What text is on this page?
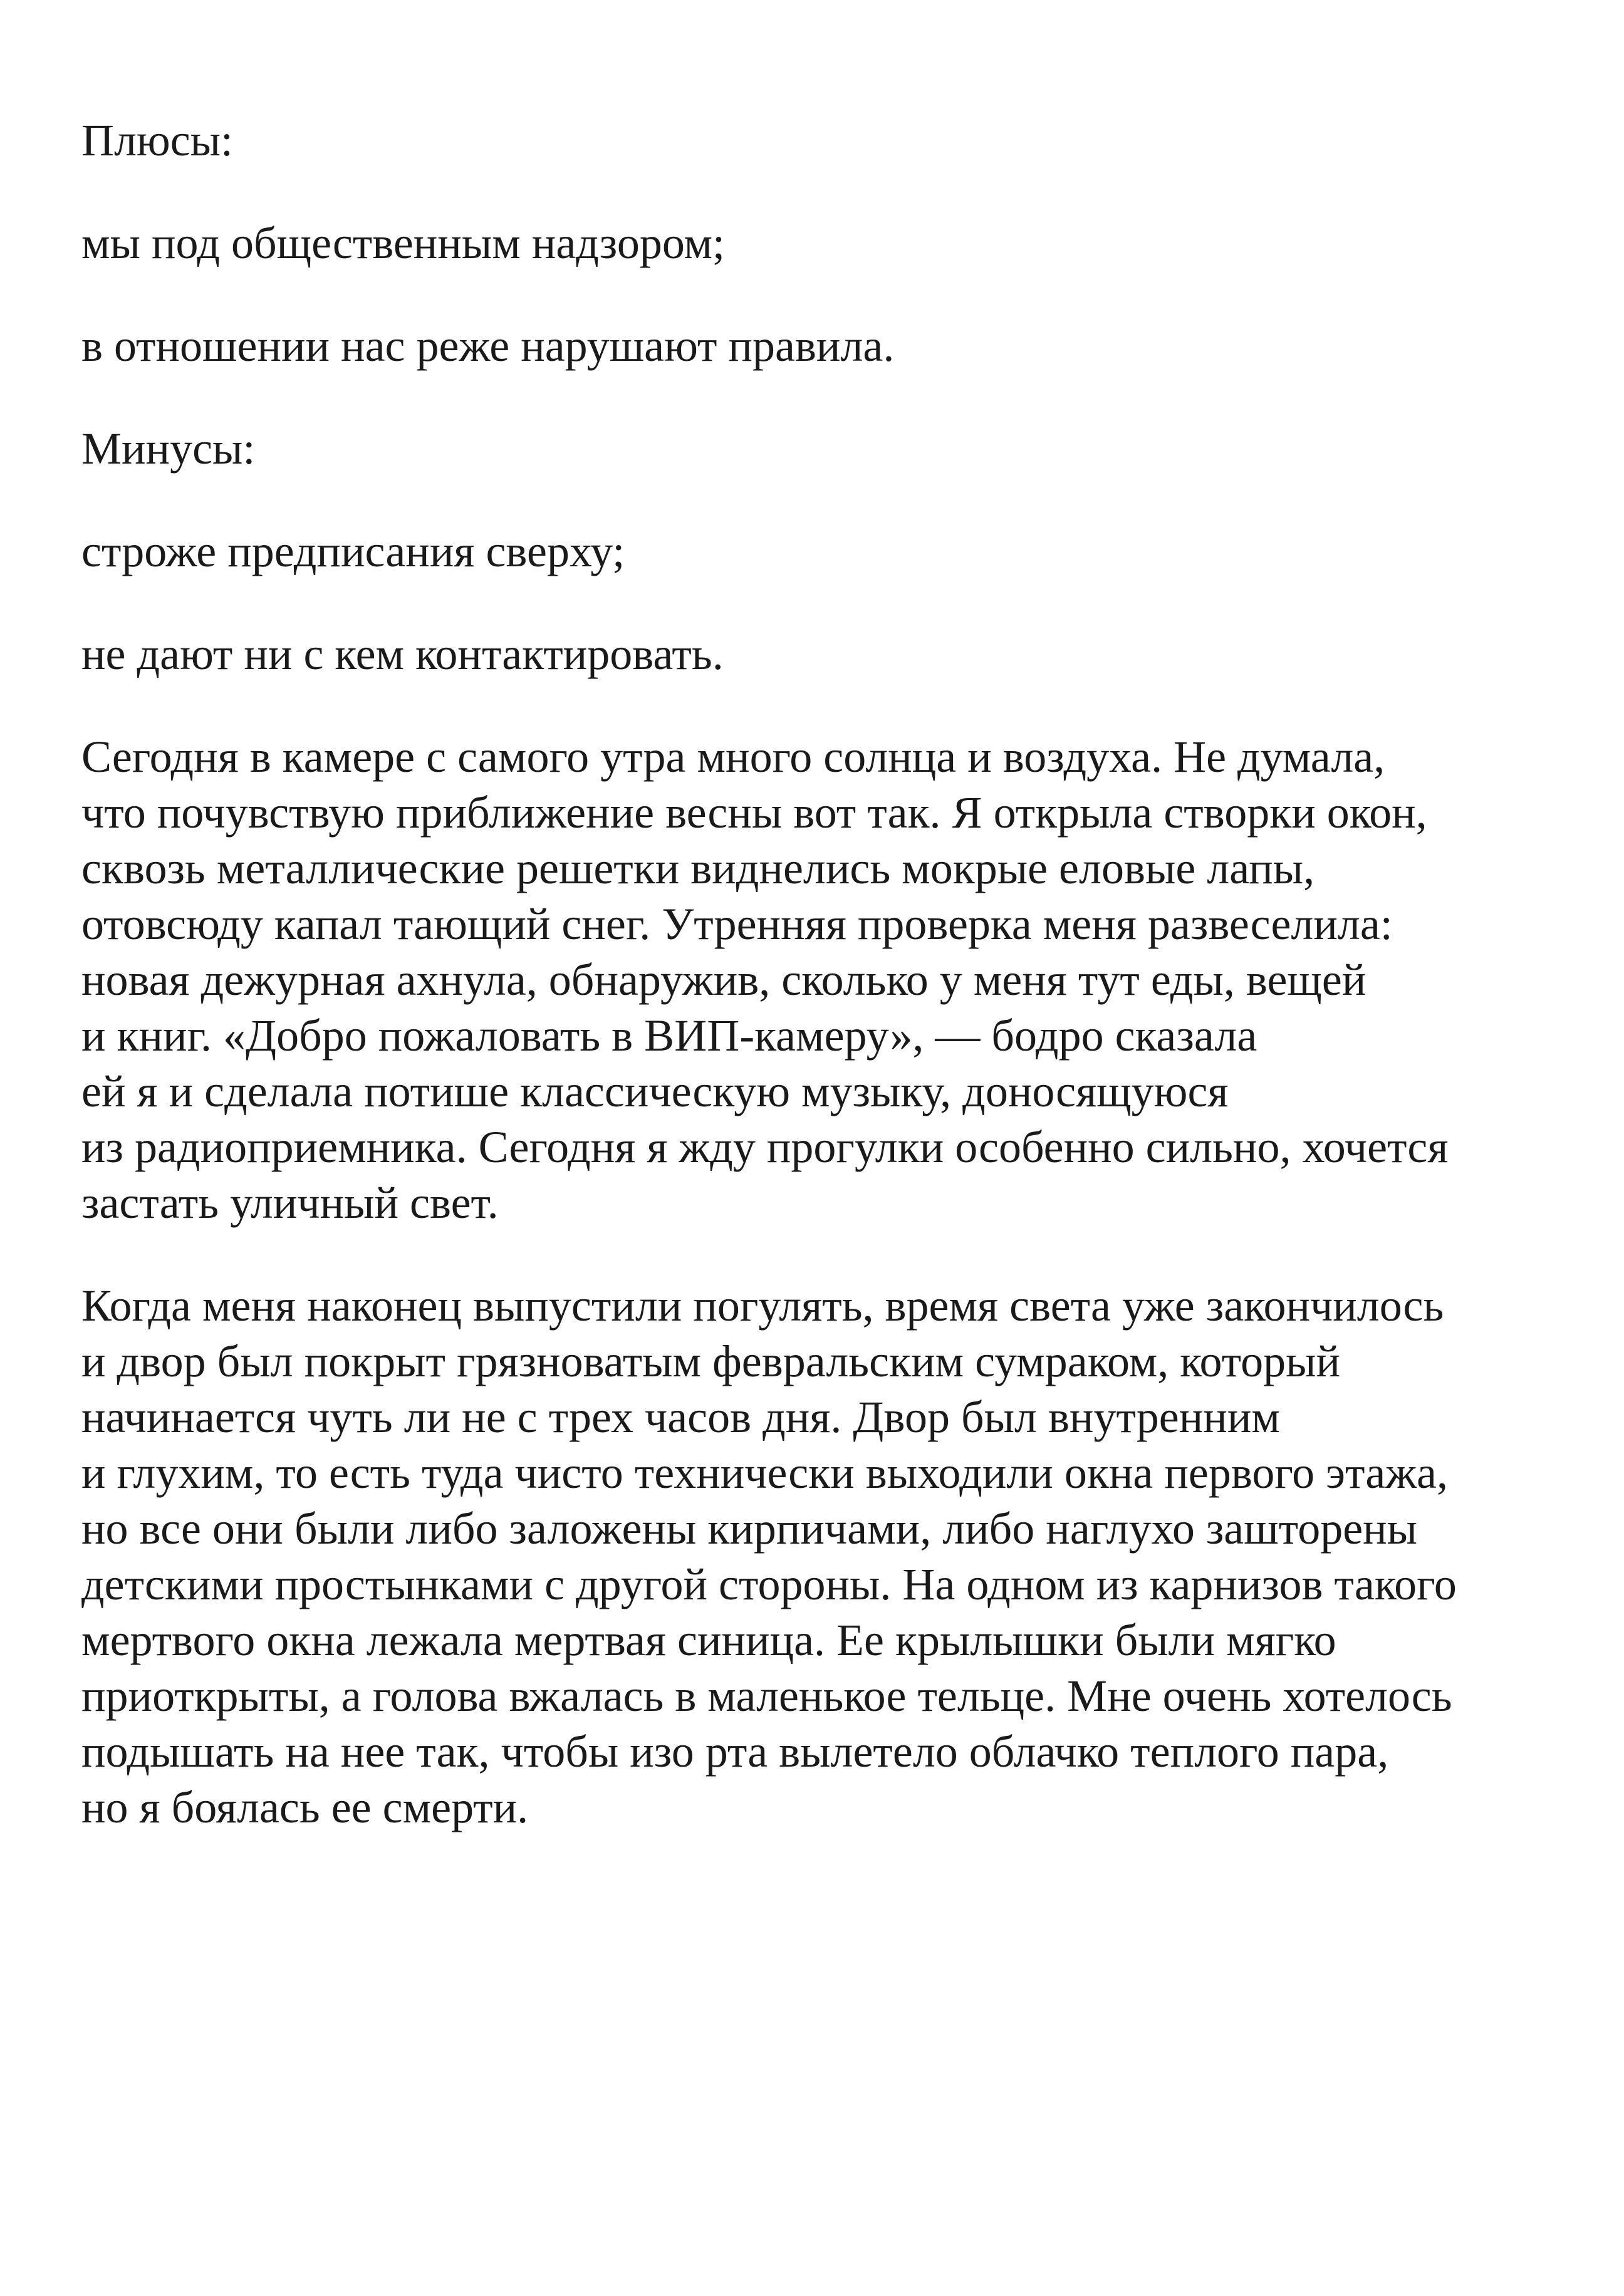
Плюсы:

мы под общественным надзором;

в отношении нас реже нарушают правила.

Минусы:

строже предписания сверху;

не дают ни с кем контактировать.

Сегодня в камере с самого утра много солнца и воздуха. Не думала,
что почувствую приближение весны вот так. Я открыла створки окон,
сквозь металлические решетки виднелись мокрые еловые лапы,
отовсюду капал тающий снег. Утренняя проверка меня развеселила:
новая дежурная ахнула, обнаружив, сколько у меня тут еды, вещей
и книг. «Добро пожаловать в ВИП-камеру», — бодро сказала
ей я и сделала потише классическую музыку, доносящуюся
из радиоприемника. Сегодня я жду прогулки особенно сильно, хочется
застать уличный свет.

Когда меня наконец выпустили погулять, время света уже закончилось
и двор был покрыт грязноватым февральским сумраком, который
начинается чуть ли не с трех часов дня. Двор был внутренним
и глухим, то есть туда чисто технически выходили окна первого этажа,
но все они были либо заложены кирпичами, либо наглухо зашторены
детскими простынками с другой стороны. На одном из карнизов такого
мертвого окна лежала мертвая синица. Ее крылышки были мягко
приоткрыты, а голова вжалась в маленькое тельце. Мне очень хотелось
подышать на нее так, чтобы изо рта вылетело облачко теплого пара,
но я боялась ее смерти.
